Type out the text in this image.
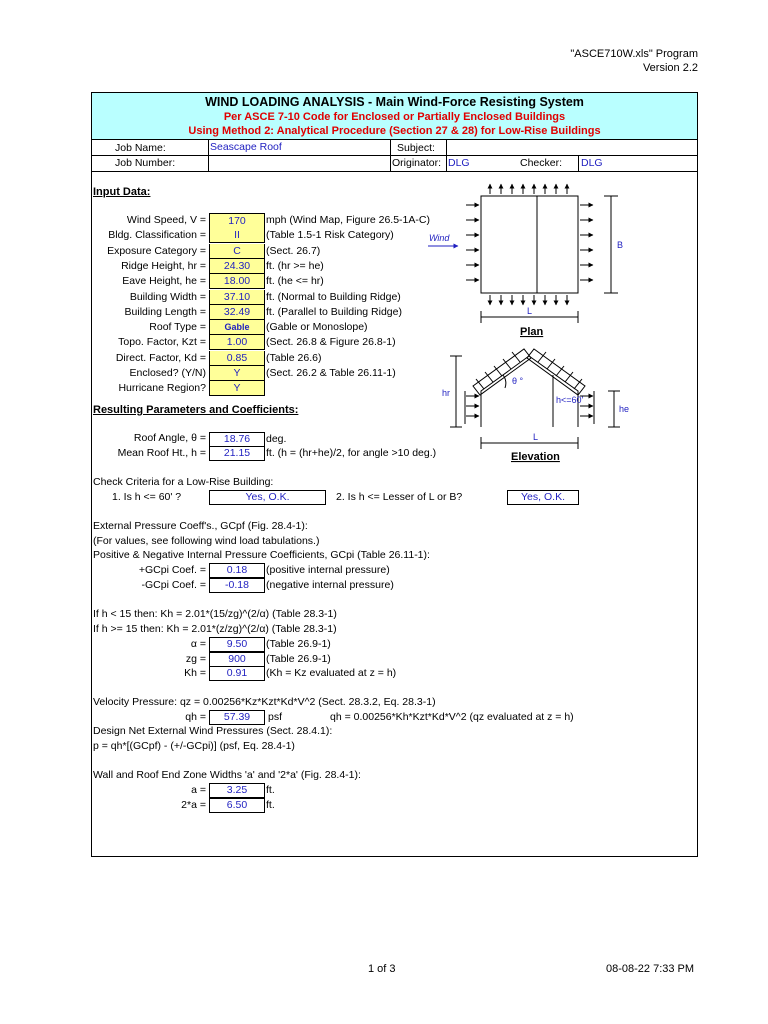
"ASCE710W.xls" Program
Version 2.2
WIND LOADING ANALYSIS - Main Wind-Force Resisting System
Per ASCE 7-10 Code for Enclosed or Partially Enclosed Buildings
Using Method 2: Analytical Procedure (Section 27 & 28) for Low-Rise Buildings
Job Name:	Seascape Roof	Subject:
Job Number:	Originator: DLG	Checker: DLG
Input Data:
Wind Speed, V =	170	mph (Wind Map, Figure 26.5-1A-C)
Bldg. Classification =	II	(Table 1.5-1 Risk Category)
Exposure Category =	C	(Sect. 26.7)
Ridge Height, hr =	24.30	ft. (hr >= he)
Eave Height, he =	18.00	ft. (he <= hr)
Building Width =	37.10	ft. (Normal to Building Ridge)
Building Length =	32.49	ft. (Parallel to Building Ridge)
Roof Type =	Gable	(Gable or Monoslope)
Topo. Factor, Kzt =	1.00	(Sect. 26.8 & Figure 26.8-1)
Direct. Factor, Kd =	0.85	(Table 26.6)
Enclosed? (Y/N)	Y	(Sect. 26.2 & Table 26.11-1)
Hurricane Region?	Y
Resulting Parameters and Coefficients:
Roof Angle, θ =	18.76	deg.
Mean Roof Ht., h =	21.15	ft. (h = (hr+he)/2, for angle >10 deg.)
Check Criteria for a Low-Rise Building:
1. Is h <= 60' ?	Yes, O.K.	2. Is h <= Lesser of L or B?	Yes, O.K.
External Pressure Coeff's., GCpf (Fig. 28.4-1):
(For values, see following wind load tabulations.)
Positive & Negative Internal Pressure Coefficients, GCpi (Table 26.11-1):
+GCpi Coef. =	0.18	(positive internal pressure)
-GCpi Coef. =	-0.18	(negative internal pressure)
If h < 15 then: Kh = 2.01*(15/zg)^(2/α) (Table 28.3-1)
If h >= 15 then: Kh = 2.01*(z/zg)^(2/α) (Table 28.3-1)
α =	9.50	(Table 26.9-1)
zg =	900	(Table 26.9-1)
Kh =	0.91	(Kh = Kz evaluated at z = h)
Velocity Pressure: qz = 0.00256*Kz*Kzt*Kd*V^2 (Sect. 28.3.2, Eq. 28.3-1)
qh =	57.39	psf	qh = 0.00256*Kh*Kzt*Kd*V^2 (qz evaluated at z = h)
Design Net External Wind Pressures (Sect. 28.4.1):
p = qh*[(GCpf) - (+/-GCpi)] (psf, Eq. 28.4-1)
Wall and Roof End Zone Widths 'a' and '2*a' (Fig. 28.4-1):
a =	3.25	ft.
2*a =	6.50	ft.
Wind
B
L
Plan
hr
θ °
h<=60'
he
L
Elevation
1 of 3	08-08-22 7:33 PM
